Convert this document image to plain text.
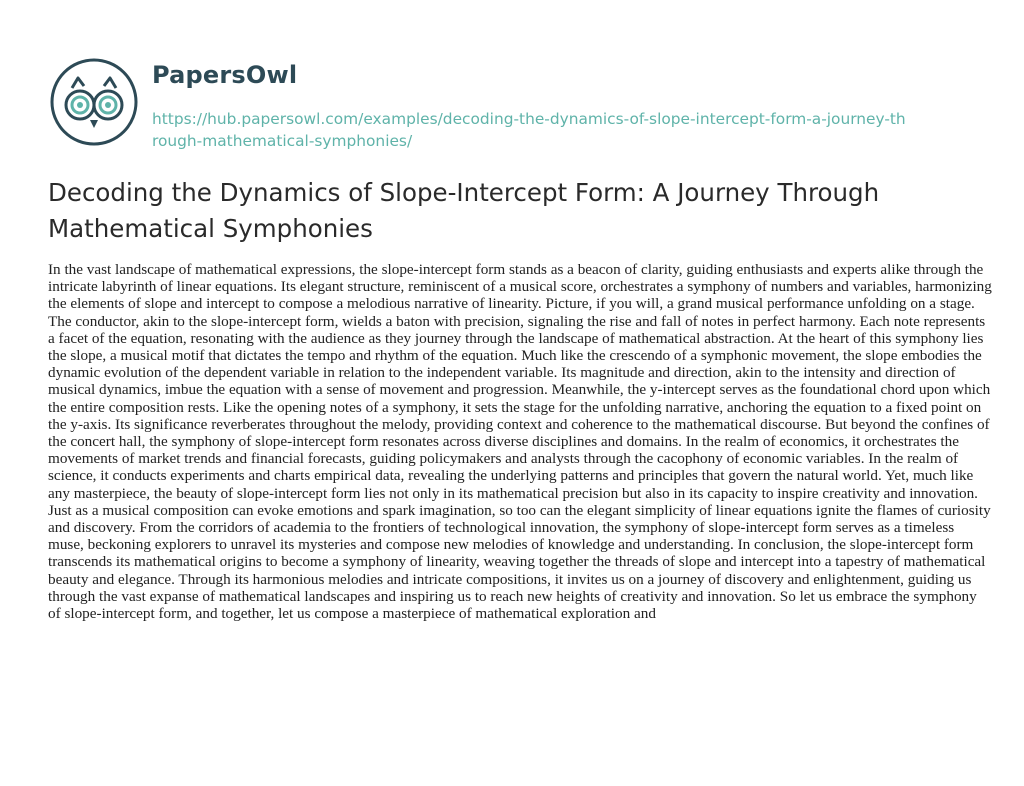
PapersOwl
https://hub.papersowl.com/examples/decoding-the-dynamics-of-slope-intercept-form-a-journey-through-mathematical-symphonies/
Decoding the Dynamics of Slope-Intercept Form: A Journey Through Mathematical Symphonies

In the vast landscape of mathematical expressions, the slope-intercept form stands as a beacon of clarity, guiding enthusiasts and experts alike through the intricate labyrinth of linear equations. Its elegant structure, reminiscent of a musical score, orchestrates a symphony of numbers and variables, harmonizing the elements of slope and intercept to compose a melodious narrative of linearity. Picture, if you will, a grand musical performance unfolding on a stage. The conductor, akin to the slope-intercept form, wields a baton with precision, signaling the rise and fall of notes in perfect harmony. Each note represents a facet of the equation, resonating with the audience as they journey through the landscape of mathematical abstraction. At the heart of this symphony lies the slope, a musical motif that dictates the tempo and rhythm of the equation. Much like the crescendo of a symphonic movement, the slope embodies the dynamic evolution of the dependent variable in relation to the independent variable. Its magnitude and direction, akin to the intensity and direction of musical dynamics, imbue the equation with a sense of movement and progression. Meanwhile, the y-intercept serves as the foundational chord upon which the entire composition rests. Like the opening notes of a symphony, it sets the stage for the unfolding narrative, anchoring the equation to a fixed point on the y-axis. Its significance reverberates throughout the melody, providing context and coherence to the mathematical discourse. But beyond the confines of the concert hall, the symphony of slope-intercept form resonates across diverse disciplines and domains. In the realm of economics, it orchestrates the movements of market trends and financial forecasts, guiding policymakers and analysts through the cacophony of economic variables. In the realm of science, it conducts experiments and charts empirical data, revealing the underlying patterns and principles that govern the natural world. Yet, much like any masterpiece, the beauty of slope-intercept form lies not only in its mathematical precision but also in its capacity to inspire creativity and innovation. Just as a musical composition can evoke emotions and spark imagination, so too can the elegant simplicity of linear equations ignite the flames of curiosity and discovery. From the corridors of academia to the frontiers of technological innovation, the symphony of slope-intercept form serves as a timeless muse, beckoning explorers to unravel its mysteries and compose new melodies of knowledge and understanding. In conclusion, the slope-intercept form transcends its mathematical origins to become a symphony of linearity, weaving together the threads of slope and intercept into a tapestry of mathematical beauty and elegance. Through its harmonious melodies and intricate compositions, it invites us on a journey of discovery and enlightenment, guiding us through the vast expanse of mathematical landscapes and inspiring us to reach new heights of creativity and innovation. So let us embrace the symphony of slope-intercept form, and together, let us compose a masterpiece of mathematical exploration and
